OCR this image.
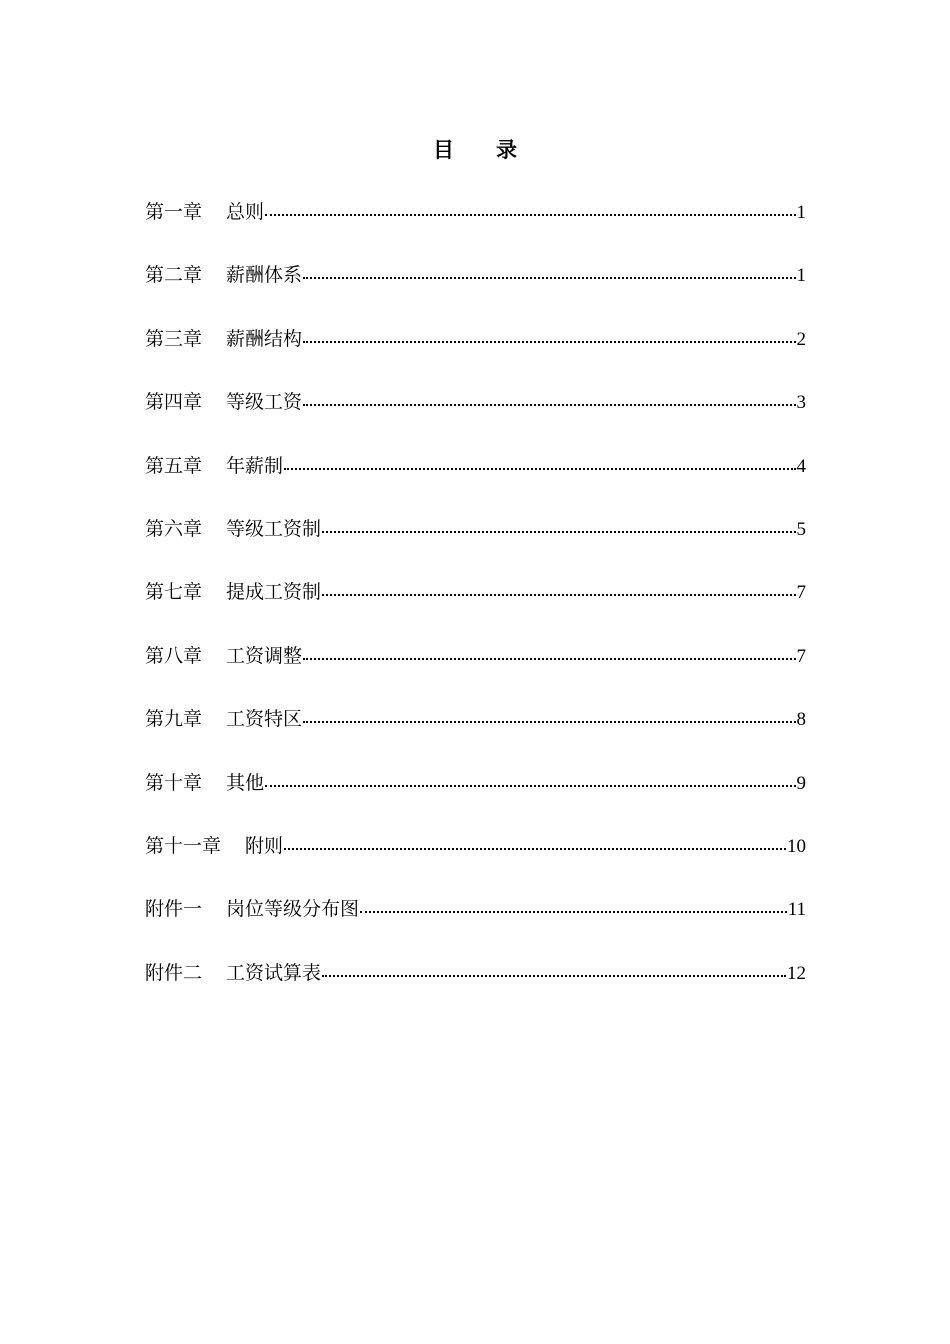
目 录
第一章 总则	1
第二章 薪酬体系	1
第三章 薪酬结构	2
第四章 等级工资	3
第五章 年薪制	4
第六章 等级工资制	5
第七章 提成工资制	7
第八章 工资调整	7
第九章 工资特区	8
第十章 其他	9
第十一章 附则	10
附件一 岗位等级分布图	11
附件二 工资试算表	12
